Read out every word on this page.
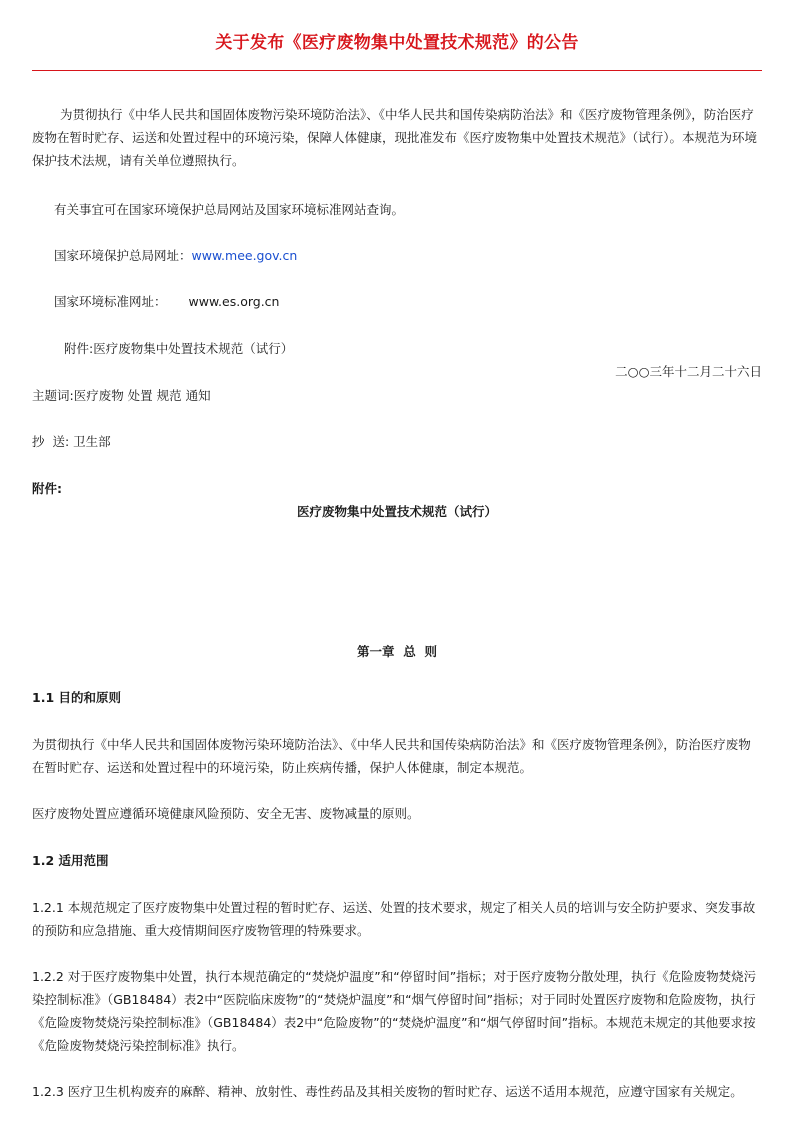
关于发布《医疗废物集中处置技术规范》的公告

为贯彻执行《中华人民共和国固体废物污染环境防治法》、《中华人民共和国传染病防治法》和《医疗废物管理条例》，防治医疗废物在暂时贮存、运送和处置过程中的环境污染，保障人体健康，现批准发布《医疗废物集中处置技术规范》（试行）。本规范为环境保护技术法规，请有关单位遵照执行。

有关事宜可在国家环境保护总局网站及国家环境标准网站查询。

国家环境保护总局网址：www.mee.gov.cn

国家环境标准网址： www.es.org.cn

附件:医疗废物集中处置技术规范（试行）

二○○三年十二月二十六日

主题词:医疗废物 处置 规范 通知

抄  送: 卫生部

附件:

医疗废物集中处置技术规范（试行）

第一章  总  则

1.1 目的和原则

为贯彻执行《中华人民共和国固体废物污染环境防治法》、《中华人民共和国传染病防治法》和《医疗废物管理条例》，防治医疗废物在暂时贮存、运送和处置过程中的环境污染，防止疾病传播，保护人体健康，制定本规范。

医疗废物处置应遵循环境健康风险预防、安全无害、废物减量的原则。

1.2 适用范围

1.2.1 本规范规定了医疗废物集中处置过程的暂时贮存、运送、处置的技术要求，规定了相关人员的培训与安全防护要求、突发事故的预防和应急措施、重大疫情期间医疗废物管理的特殊要求。

1.2.2 对于医疗废物集中处置，执行本规范确定的“焚烧炉温度”和“停留时间”指标；对于医疗废物分散处理，执行《危险废物焚烧污染控制标准》（GB18484）表2中“医院临床废物”的“焚烧炉温度”和“烟气停留时间”指标；对于同时处置医疗废物和危险废物，执行《危险废物焚烧污染控制标准》（GB18484）表2中“危险废物”的“焚烧炉温度”和“烟气停留时间”指标。本规范未规定的其他要求按《危险废物焚烧污染控制标准》执行。

1.2.3 医疗卫生机构废弃的麻醉、精神、放射性、毒性药品及其相关废物的暂时贮存、运送不适用本规范，应遵守国家有关规定。
